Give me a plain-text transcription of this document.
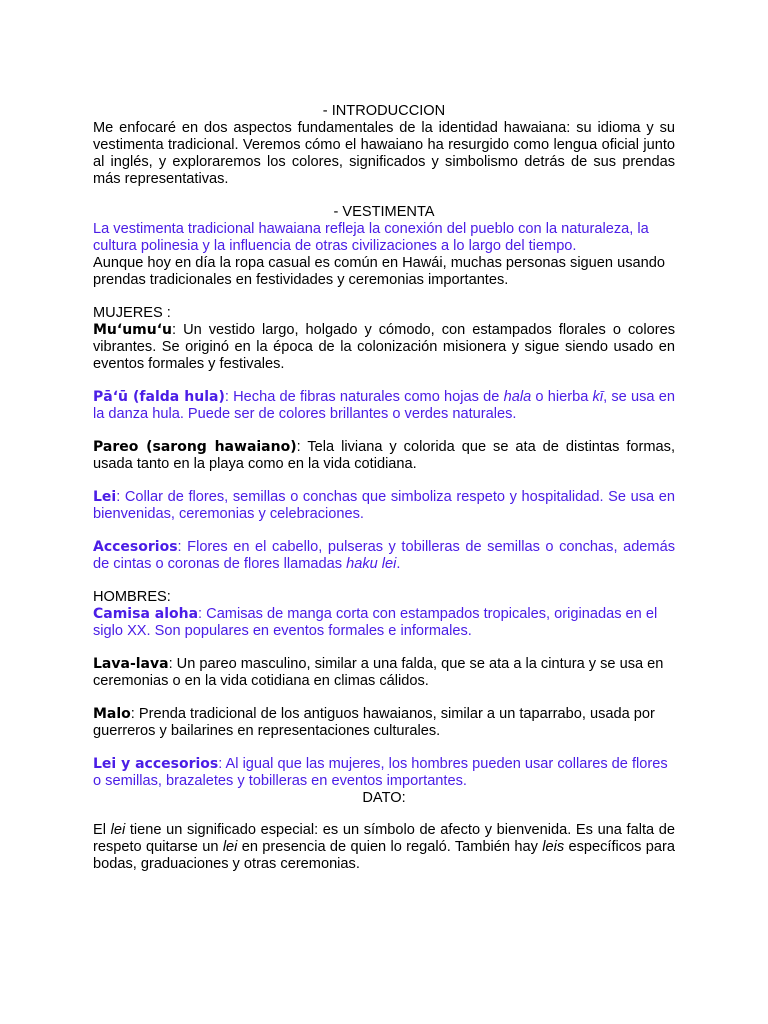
- INTRODUCCION

Me enfocaré en dos aspectos fundamentales de la identidad hawaiana: su idioma y su vestimenta tradicional. Veremos cómo el hawaiano ha resurgido como lengua oficial junto al inglés, y exploraremos los colores, significados y simbolismo detrás de sus prendas más representativas.

- VESTIMENTA

La vestimenta tradicional hawaiana refleja la conexión del pueblo con la naturaleza, la cultura polinesia y la influencia de otras civilizaciones a lo largo del tiempo.

Aunque hoy en día la ropa casual es común en Hawái, muchas personas siguen usando prendas tradicionales en festividades y ceremonias importantes.

MUJERES :

Mu‘umu‘u: Un vestido largo, holgado y cómodo, con estampados florales o colores vibrantes. Se originó en la época de la colonización misionera y sigue siendo usado en eventos formales y festivales.

Pāʻū (falda hula): Hecha de fibras naturales como hojas de hala o hierba kī, se usa en la danza hula. Puede ser de colores brillantes o verdes naturales.

Pareo (sarong hawaiano): Tela liviana y colorida que se ata de distintas formas, usada tanto en la playa como en la vida cotidiana.

Lei: Collar de flores, semillas o conchas que simboliza respeto y hospitalidad. Se usa en bienvenidas, ceremonias y celebraciones.

Accesorios: Flores en el cabello, pulseras y tobilleras de semillas o conchas, además de cintas o coronas de flores llamadas haku lei.

HOMBRES:

Camisa aloha: Camisas de manga corta con estampados tropicales, originadas en el siglo XX. Son populares en eventos formales e informales.

Lava-lava: Un pareo masculino, similar a una falda, que se ata a la cintura y se usa en ceremonias o en la vida cotidiana en climas cálidos.

Malo: Prenda tradicional de los antiguos hawaianos, similar a un taparrabo, usada por guerreros y bailarines en representaciones culturales.

Lei y accesorios: Al igual que las mujeres, los hombres pueden usar collares de flores o semillas, brazaletes y tobilleras en eventos importantes.

DATO:

El lei tiene un significado especial: es un símbolo de afecto y bienvenida. Es una falta de respeto quitarse un lei en presencia de quien lo regaló. También hay leis específicos para bodas, graduaciones y otras ceremonias.
